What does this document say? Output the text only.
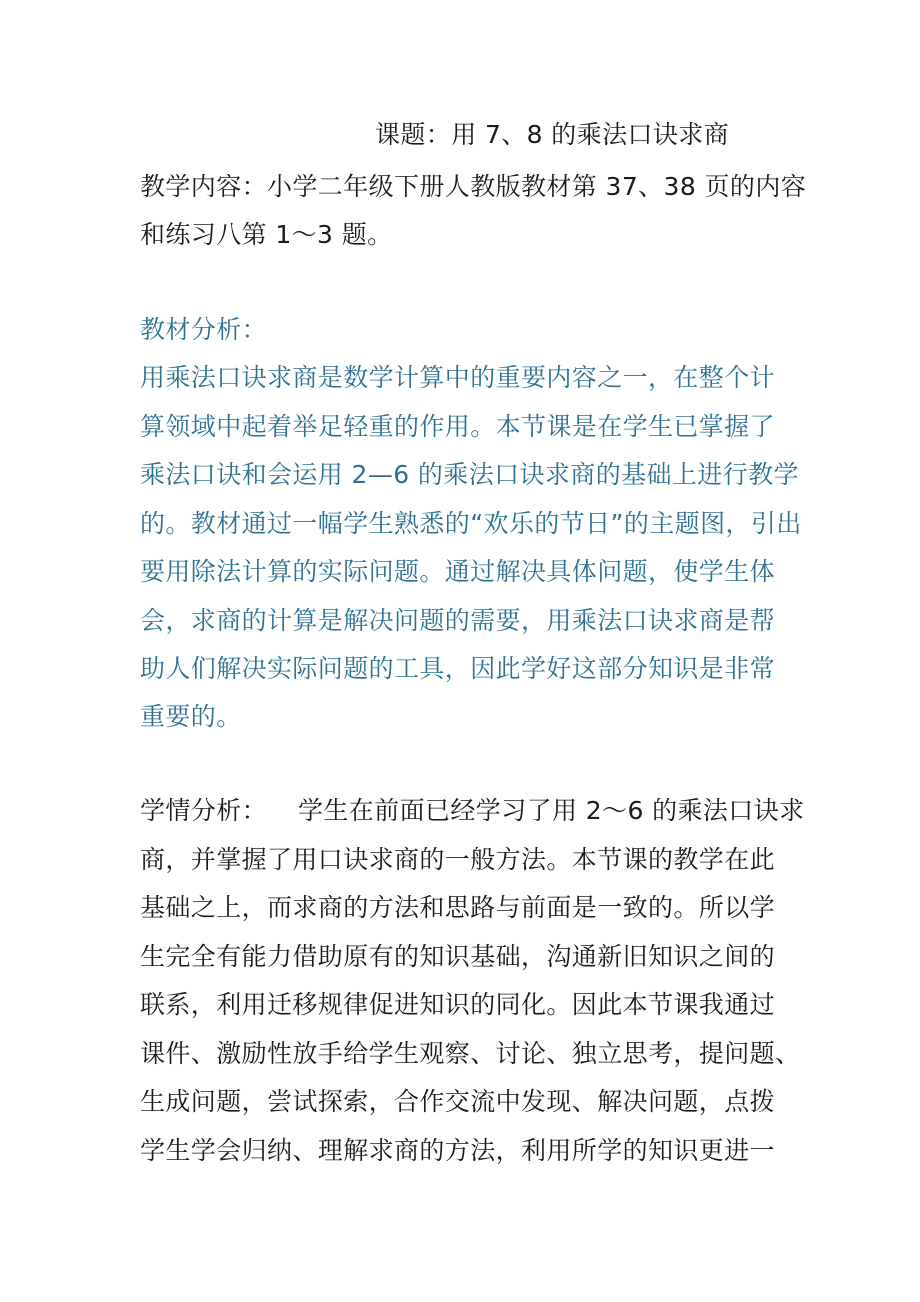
课题：用 7、8 的乘法口诀求商
教学内容：小学二年级下册人教版教材第 37、38 页的内容
和练习八第 1～3 题。
教材分析：
用乘法口诀求商是数学计算中的重要内容之一，在整个计
算领域中起着举足轻重的作用。本节课是在学生已掌握了
乘法口诀和会运用 2—6 的乘法口诀求商的基础上进行教学
的。教材通过一幅学生熟悉的“欢乐的节日”的主题图，引出
要用除法计算的实际问题。通过解决具体问题，使学生体
会，求商的计算是解决问题的需要，用乘法口诀求商是帮
助人们解决实际问题的工具，因此学好这部分知识是非常
重要的。
学情分析： 学生在前面已经学习了用 2～6 的乘法口诀求
商，并掌握了用口诀求商的一般方法。本节课的教学在此
基础之上，而求商的方法和思路与前面是一致的。所以学
生完全有能力借助原有的知识基础，沟通新旧知识之间的
联系，利用迁移规律促进知识的同化。因此本节课我通过
课件、激励性放手给学生观察、讨论、独立思考，提问题、
生成问题，尝试探索，合作交流中发现、解决问题，点拨
学生学会归纳、理解求商的方法，利用所学的知识更进一
